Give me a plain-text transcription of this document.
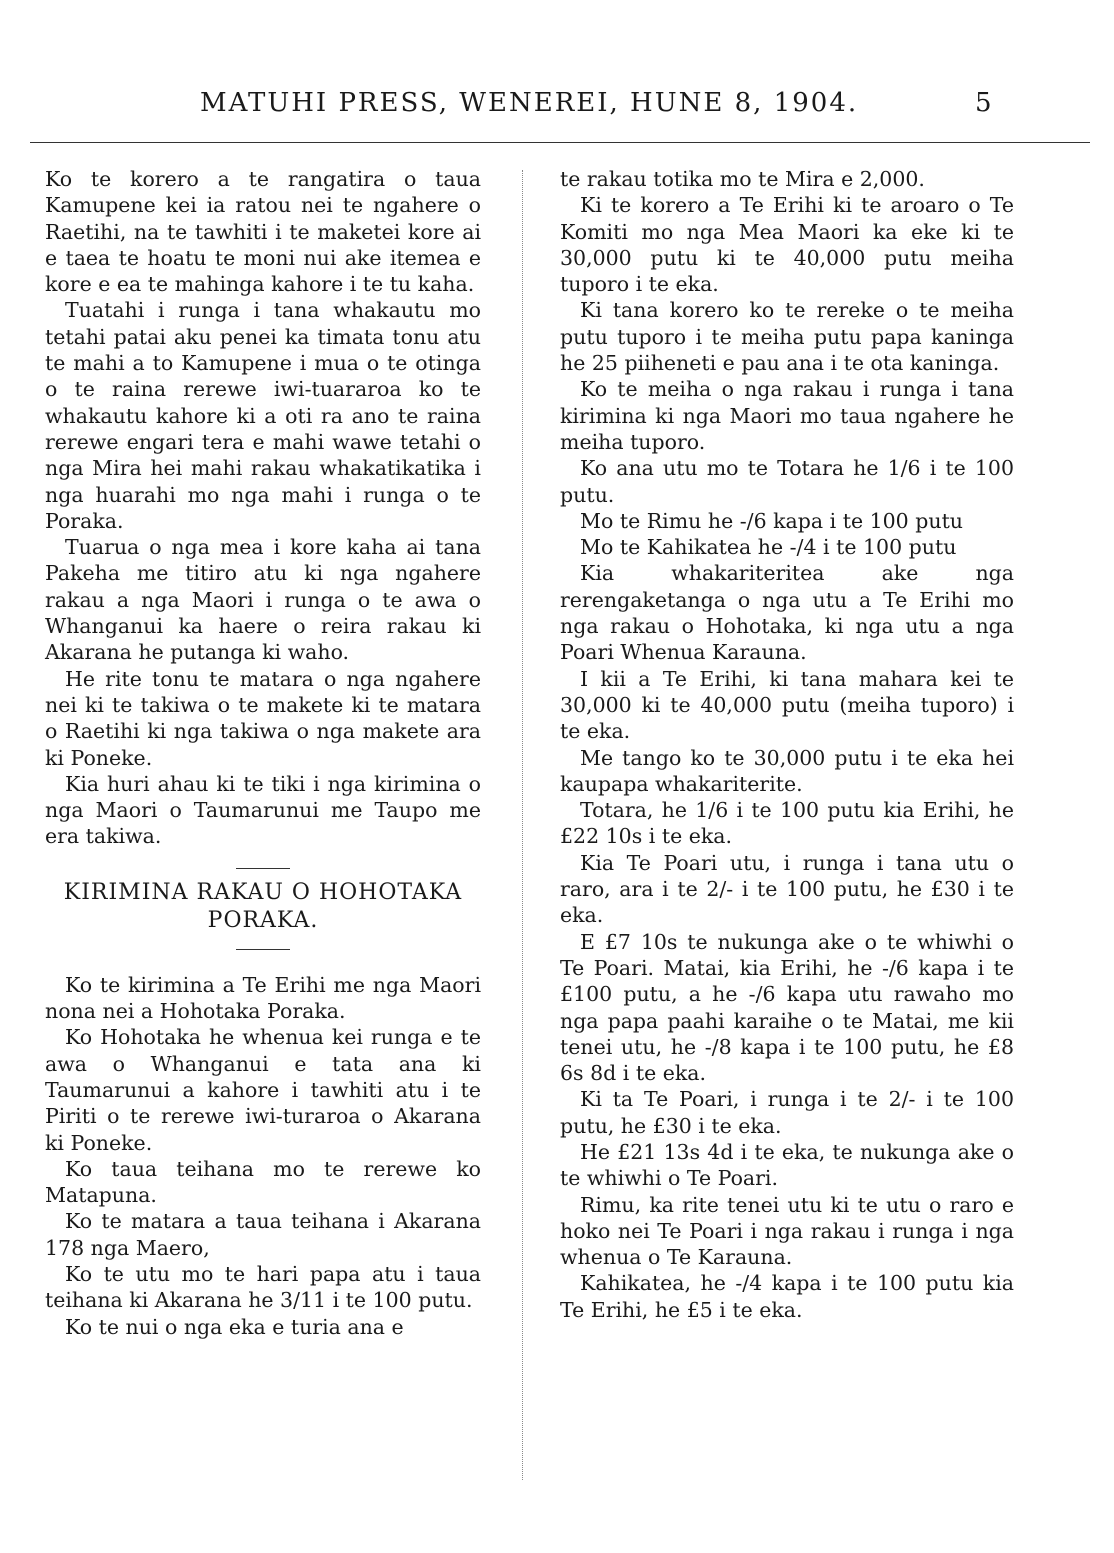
MATUHI PRESS, WENEREI, HUNE 8, 1904.	5

Ko te korero a te rangatira o taua Kamupene kei ia ratou nei te ngahere o Raetihi, na te tawhiti i te maketei kore ai e taea te hoatu te moni nui ake itemea e kore e ea te mahinga kahore i te tu kaha.

Tuatahi i runga i tana whakautu mo tetahi patai aku penei ka timata tonu atu te mahi a to Kamupene i mua o te otinga o te raina rerewe iwi-tuararoa ko te whakautu kahore ki a oti ra ano te raina rerewe engari tera e mahi wawe tetahi o nga Mira hei mahi rakau whakatikatika i nga huarahi mo nga mahi i runga o te Poraka.

Tuarua o nga mea i kore kaha ai tana Pakeha me titiro atu ki nga ngahere rakau a nga Maori i runga o te awa o Whanganui ka haere o reira rakau ki Akarana he putanga ki waho.

He rite tonu te matara o nga ngahere nei ki te takiwa o te makete ki te matara o Raetihi ki nga takiwa o nga makete ara ki Poneke.

Kia huri ahau ki te tiki i nga kirimina o nga Maori o Taumarunui me Taupo me era takiwa.

KIRIMINA RAKAU O HOHOTAKA
PORAKA.

Ko te kirimina a Te Erihi me nga Maori nona nei a Hohotaka Poraka.

Ko Hohotaka he whenua kei runga e te awa o Whanganui e tata ana ki Taumarunui a kahore i tawhiti atu i te Piriti o te rerewe iwi-turaroa o Akarana ki Poneke.

Ko taua teihana mo te rerewe ko Matapuna.

Ko te matara a taua teihana i Akarana 178 nga Maero,

Ko te utu mo te hari papa atu i taua teihana ki Akarana he 3/11 i te 100 putu.

Ko te nui o nga eka e turia ana e

te rakau totika mo te Mira e 2,000.

Ki te korero a Te Erihi ki te aroaro o Te Komiti mo nga Mea Maori ka eke ki te 30,000 putu ki te 40,000 putu meiha tuporo i te eka.

Ki tana korero ko te rereke o te meiha putu tuporo i te meiha putu papa kaninga he 25 piiheneti e pau ana i te ota kaninga.

Ko te meiha o nga rakau i runga i tana kirimina ki nga Maori mo taua ngahere he meiha tuporo.

Ko ana utu mo te Totara he 1/6 i te 100 putu.

Mo te Rimu he -/6 kapa i te 100 putu

Mo te Kahikatea he -/4 i te 100 putu

Kia whakariteritea ake nga rerengaketanga o nga utu a Te Erihi mo nga rakau o Hohotaka, ki nga utu a nga Poari Whenua Karauna.

I kii a Te Erihi, ki tana mahara kei te 30,000 ki te 40,000 putu (meiha tuporo) i te eka.

Me tango ko te 30,000 putu i te eka hei kaupapa whakariterite.

Totara, he 1/6 i te 100 putu kia Erihi, he £22 10s i te eka.

Kia Te Poari utu, i runga i tana utu o raro, ara i te 2/- i te 100 putu, he £30 i te eka.

E £7 10s te nukunga ake o te whiwhi o Te Poari. Matai, kia Erihi, he -/6 kapa i te £100 putu, a he -/6 kapa utu rawaho mo nga papa paahi karaihe o te Matai, me kii tenei utu, he -/8 kapa i te 100 putu, he £8 6s 8d i te eka.

Ki ta Te Poari, i runga i te 2/- i te 100 putu, he £30 i te eka.

He £21 13s 4d i te eka, te nukunga ake o te whiwhi o Te Poari.

Rimu, ka rite tenei utu ki te utu o raro e hoko nei Te Poari i nga rakau i runga i nga whenua o Te Karauna.

Kahikatea, he -/4 kapa i te 100 putu kia Te Erihi, he £5 i te eka.
